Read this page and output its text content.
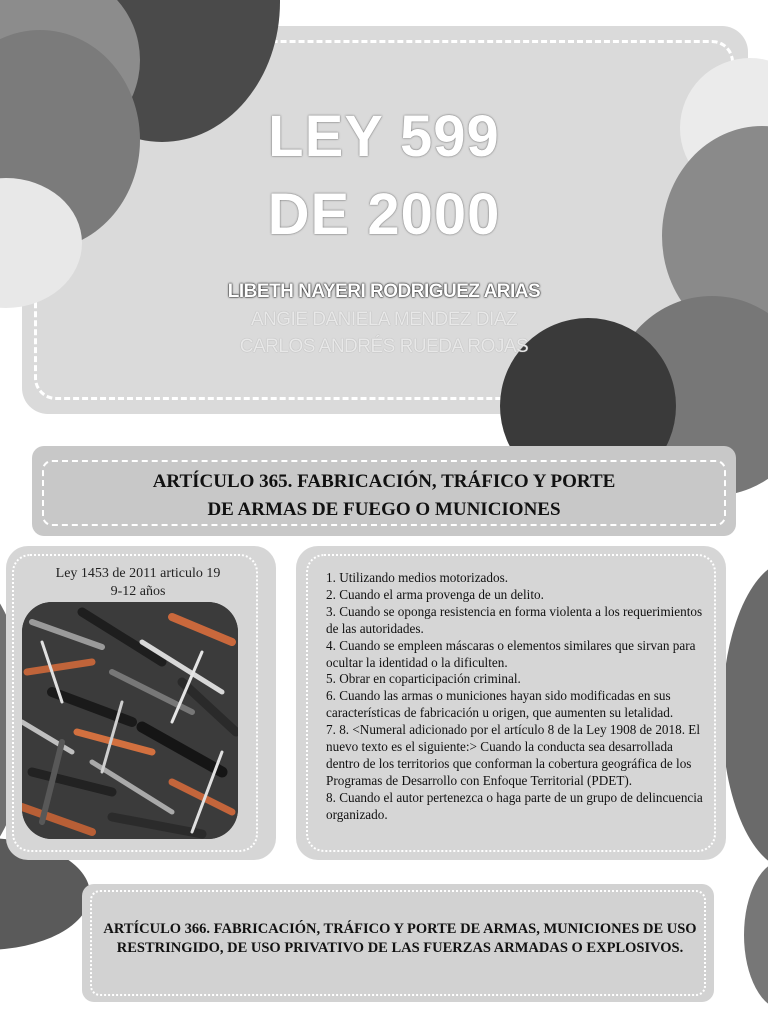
LEY 599
DE 2000
LIBETH NAYERI RODRIGUEZ ARIAS
ANGIE DANIELA MENDEZ DIAZ
CARLOS ANDRÉS RUEDA ROJAS
ARTÍCULO 365. FABRICACIÓN, TRÁFICO Y PORTE
DE ARMAS DE FUEGO O MUNICIONES
Ley 1453 de 2011 articulo 19
9-12 años
1. Utilizando medios motorizados.
2. Cuando el arma provenga de un delito.
3. Cuando se oponga resistencia en forma violenta a los requerimientos de las autoridades.
4. Cuando se empleen máscaras o elementos similares que sirvan para ocultar la identidad o la dificulten.
5. Obrar en coparticipación criminal.
6. Cuando las armas o municiones hayan sido modificadas en sus características de fabricación u origen, que aumenten su letalidad.
7. 8. <Numeral adicionado por el artículo 8 de la Ley 1908 de 2018. El nuevo texto es el siguiente:> Cuando la conducta sea desarrollada dentro de los territorios que conforman la cobertura geográfica de los Programas de Desarrollo con Enfoque Territorial (PDET).
8. Cuando el autor pertenezca o haga parte de un grupo de delincuencia organizado.
ARTÍCULO 366. FABRICACIÓN, TRÁFICO Y PORTE DE ARMAS, MUNICIONES DE USO RESTRINGIDO, DE USO PRIVATIVO DE LAS FUERZAS ARMADAS O EXPLOSIVOS.
